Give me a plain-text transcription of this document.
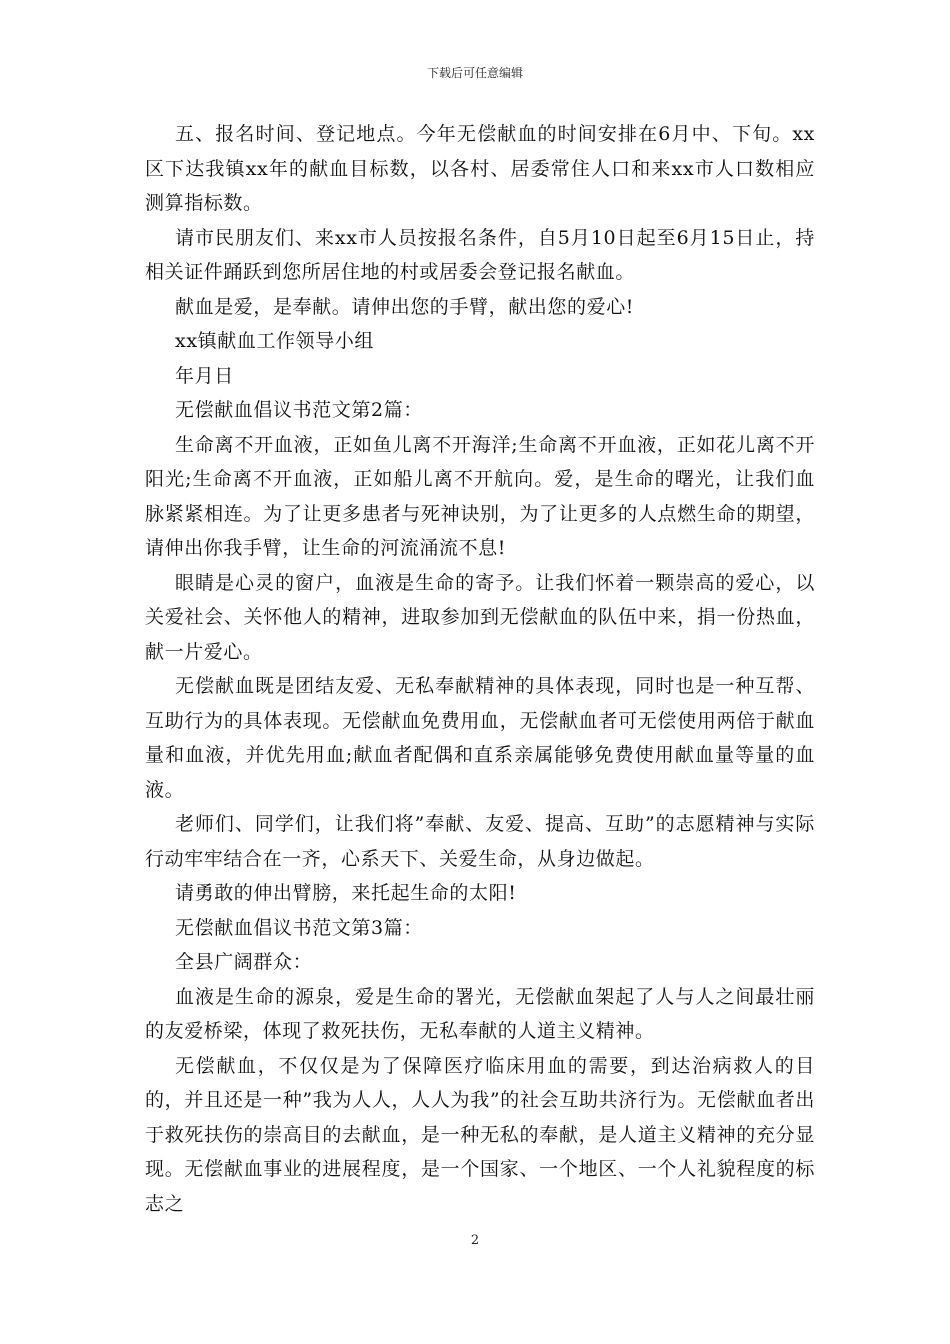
下载后可任意编辑

五、报名时间、登记地点。今年无偿献血的时间安排在6月中、下旬。xx区下达我镇xx年的献血目标数，以各村、居委常住人口和来xx市人口数相应测算指标数。

请市民朋友们、来xx市人员按报名条件，自5月10日起至6月15日止，持相关证件踊跃到您所居住地的村或居委会登记报名献血。

献血是爱，是奉献。请伸出您的手臂，献出您的爱心!

xx镇献血工作领导小组

年月日

无偿献血倡议书范文第2篇：

生命离不开血液，正如鱼儿离不开海洋;生命离不开血液，正如花儿离不开阳光;生命离不开血液，正如船儿离不开航向。爱，是生命的曙光，让我们血脉紧紧相连。为了让更多患者与死神诀别，为了让更多的人点燃生命的期望，请伸出你我手臂，让生命的河流涌流不息!

眼睛是心灵的窗户，血液是生命的寄予。让我们怀着一颗崇高的爱心，以关爱社会、关怀他人的精神，进取参加到无偿献血的队伍中来，捐一份热血，献一片爱心。

无偿献血既是团结友爱、无私奉献精神的具体表现，同时也是一种互帮、互助行为的具体表现。无偿献血免费用血，无偿献血者可无偿使用两倍于献血量和血液，并优先用血;献血者配偶和直系亲属能够免费使用献血量等量的血液。

老师们、同学们，让我们将”奉献、友爱、提高、互助”的志愿精神与实际行动牢牢结合在一齐，心系天下、关爱生命，从身边做起。

请勇敢的伸出臂膀，来托起生命的太阳!

无偿献血倡议书范文第3篇：

全县广阔群众：

血液是生命的源泉，爱是生命的署光，无偿献血架起了人与人之间最壮丽的友爱桥梁，体现了救死扶伤，无私奉献的人道主义精神。

无偿献血，不仅仅是为了保障医疗临床用血的需要，到达治病救人的目的，并且还是一种”我为人人，人人为我”的社会互助共济行为。无偿献血者出于救死扶伤的崇高目的去献血，是一种无私的奉献，是人道主义精神的充分显现。无偿献血事业的进展程度，是一个国家、一个地区、一个人礼貌程度的标志之

2
